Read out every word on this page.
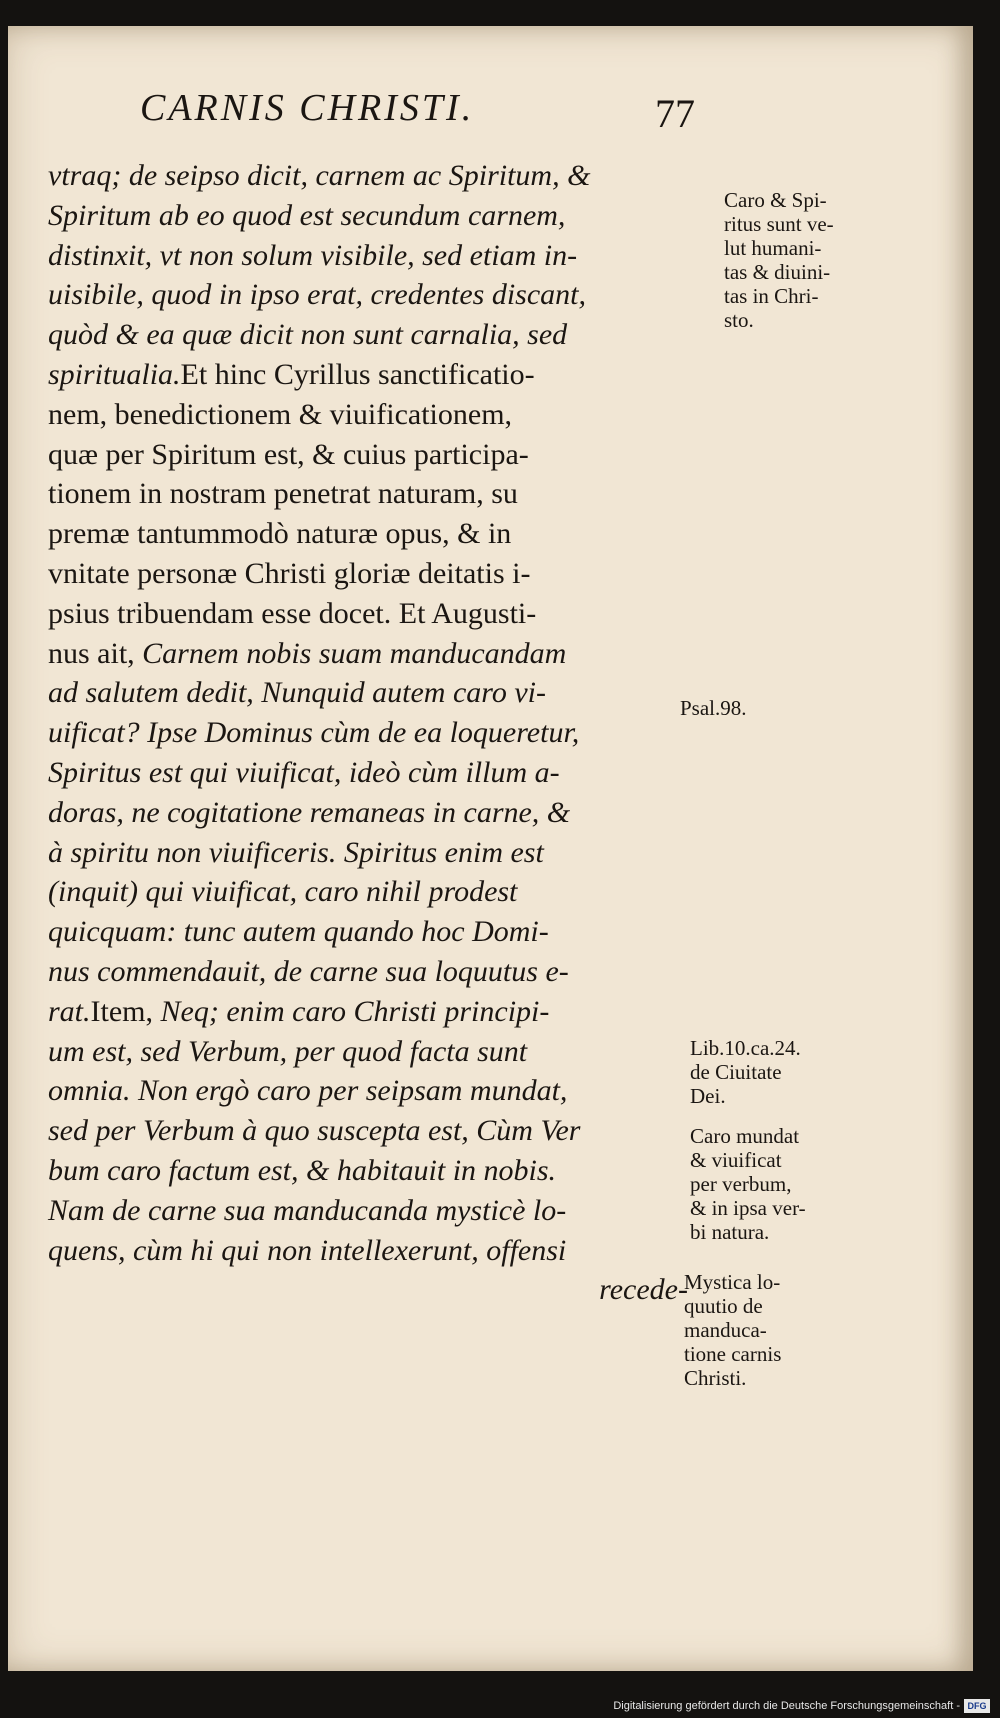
CARNIS CHRISTI.	77
vtraq; de seipso dicit, carnem ac Spiritum, &
Spiritum ab eo quod est secundum carnem,
distinxit, vt non solum visibile, sed etiam in-
uisibile, quod in ipso erat, credentes discant,
quòd & ea quæ dicit non sunt carnalia, sed
spiritualia. Et hinc Cyrillus sanctificatio-
nem, benedictionem & viuificationem,
quæ per Spiritum est, & cuius participa-
tionem in nostram penetrat naturam, su
premæ tantummodò naturæ opus, & in
vnitate personæ Christi gloriæ deitatis i-
psius tribuendam esse docet. Et Augusti-
nus ait,
Carnem nobis suam manducandam
ad salutem dedit, Nunquid autem caro vi-
uificat? Ipse Dominus cùm de ea loqueretur,
Spiritus est qui viuificat, ideò cùm illum a-
doras, ne cogitatione remaneas in carne, &
à spiritu non viuificeris. Spiritus enim est
(inquit) qui viuificat, caro nihil prodest
quicquam: tunc autem quando hoc Domi-
nus commendauit, de carne sua loquutus e-
rat. Item,
Neq; enim caro Christi principi-
um est, sed Verbum, per quod facta sunt
omnia. Non ergò caro per seipsam mundat,
sed per Verbum à quo suscepta est, Cùm Ver
bum caro factum est, & habitauit in nobis.
Nam de carne sua manducanda mysticè lo-
quens, cùm hi qui non intellexerunt, offensi
recede-
Caro & Spi-
ritus sunt ve-
lut humani-
tas & diuini-
tas in Chri-
sto.
Psal.98.
Lib.10.ca.24.
de Ciuitate
Dei.
Caro mundat
& viuificat
per verbum,
& in ipsa ver-
bi natura.
Mystica lo-
quutio de
manduca-
tione carnis
Christi.
Digitalisierung gefördert durch die Deutsche Forschungsgemeinschaft - DFG
